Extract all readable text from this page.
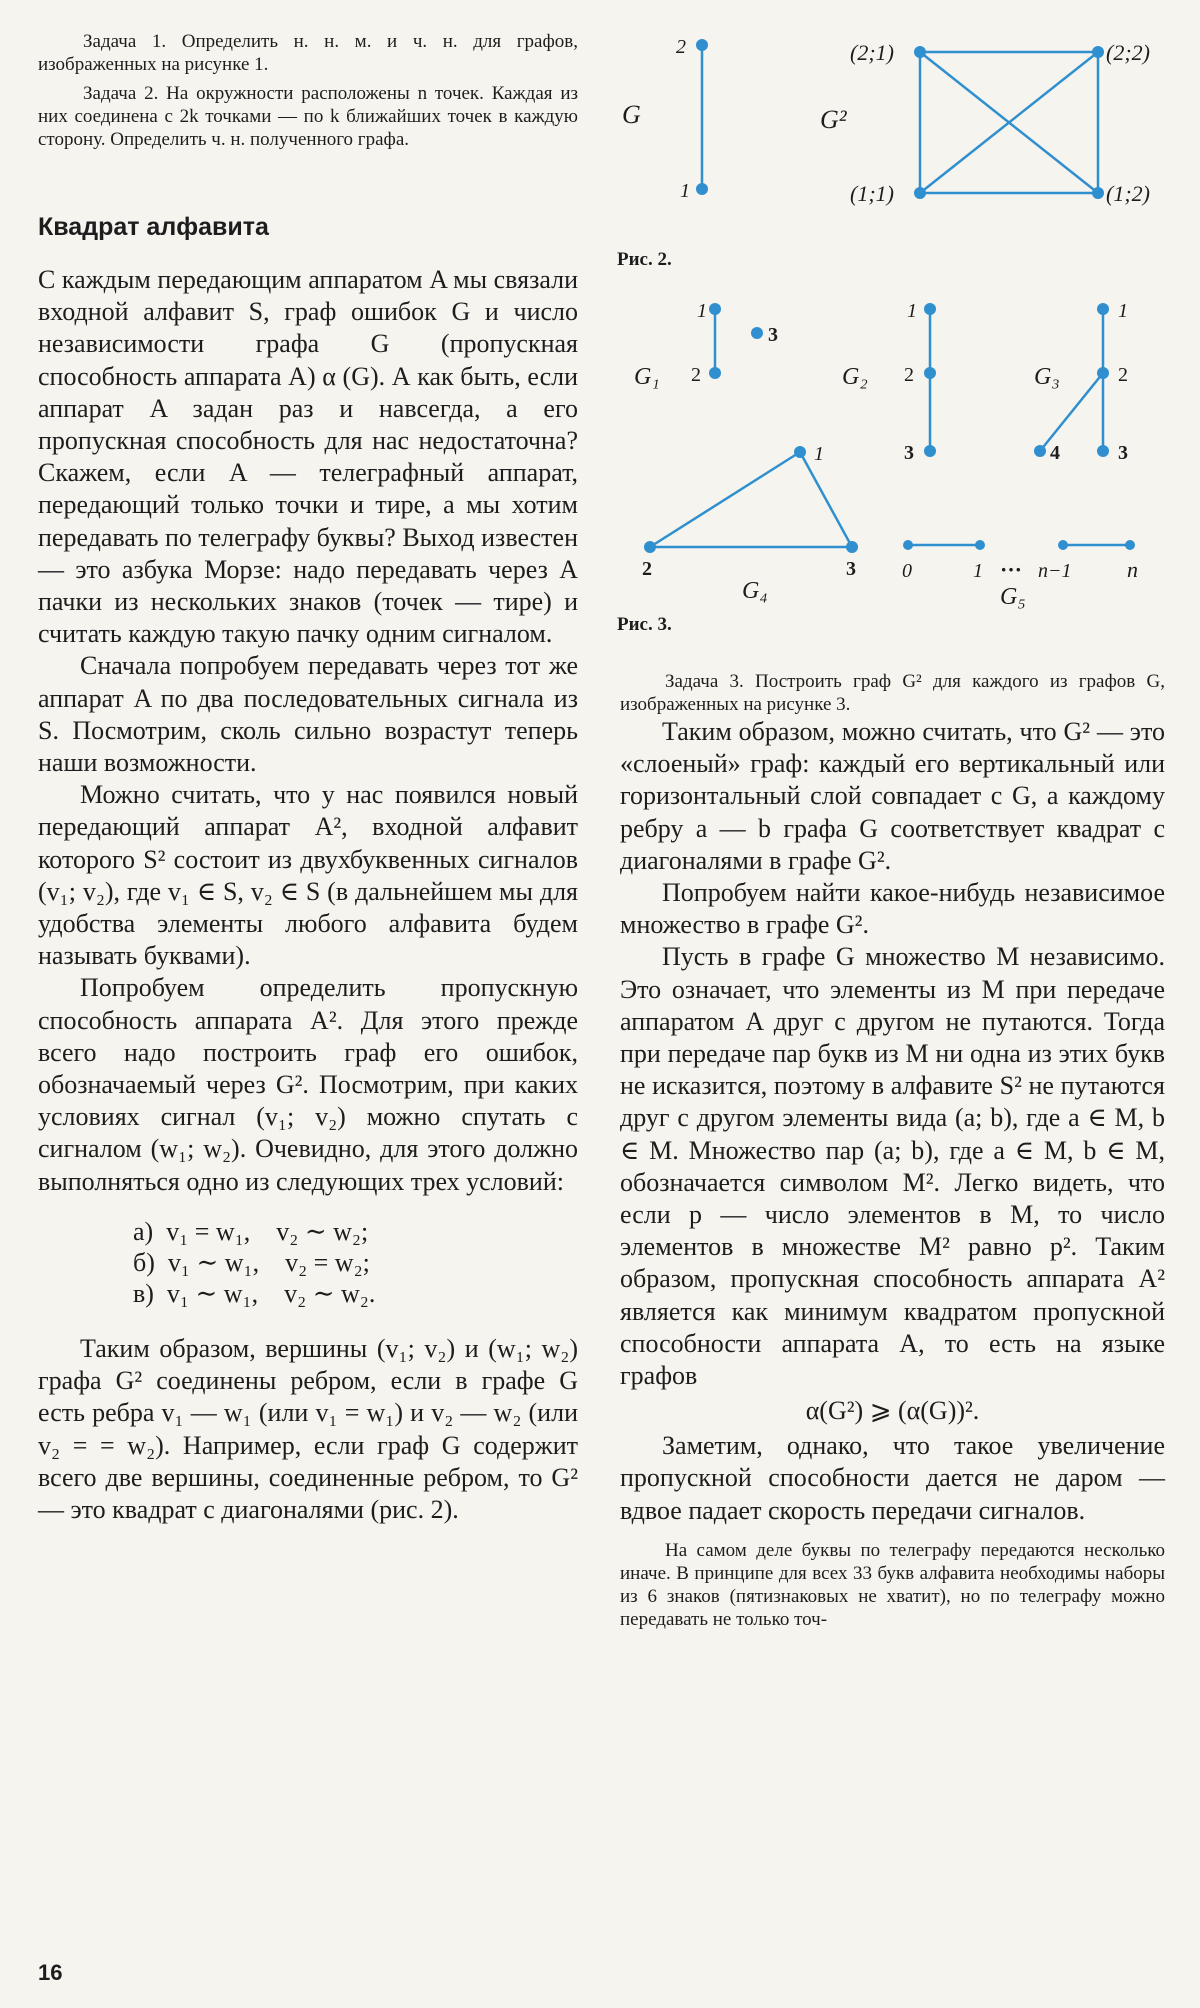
G	G²
2
1
(2;1)	(2;2)
(1;1)	(1;2)
Рис. 2.
G₁
1
2
3
G₂
1
2
3
G₃
1
2
3
4
1
2	3
G₄
0	1 ··· n−1	n
G₅
Рис. 3.

Задача 1. Определить н. н. м. и ч. н. для графов, изображенных на рисунке 1.

Задача 2. На окружности расположены n точек. Каждая из них соединена с 2k точками — по k ближайших точек в каждую сторону. Определить ч. н. полученного графа.

Квадрат алфавита

С каждым передающим аппаратом A мы связали входной алфавит S, граф ошибок G и число независимости графа G (пропускная способность аппарата A) α (G). А как быть, если аппарат A задан раз и навсегда, а его пропускная способность для нас недостаточна? Скажем, если A — телеграфный аппарат, передающий только точки и тире, а мы хотим передавать по телеграфу буквы? Выход известен — это азбука Морзе: надо передавать через A пачки из нескольких знаков (точек — тире) и считать каждую такую пачку одним сигналом.

Сначала попробуем передавать через тот же аппарат A по два последовательных сигнала из S. Посмотрим, сколь сильно возрастут теперь наши возможности.

Можно считать, что у нас появился новый передающий аппарат A², входной алфавит которого S² состоит из двухбуквенных сигналов (v₁; v₂), где v₁ ∈ S, v₂ ∈ S (в дальнейшем мы для удобства элементы любого алфавита будем называть буквами).

Попробуем определить пропускную способность аппарата A². Для этого прежде всего надо построить граф его ошибок, обозначаемый через G². Посмотрим, при каких условиях сигнал (v₁; v₂) можно спутать с сигналом (w₁; w₂). Очевидно, для этого должно выполняться одно из следующих трех условий:

а)  v₁ = w₁,    v₂ ∼ w₂;
б)  v₁ ∼ w₁,    v₂ = w₂;
в)  v₁ ∼ w₁,    v₂ ∼ w₂.

Таким образом, вершины (v₁; v₂) и (w₁; w₂) графа G² соединены ребром, если в графе G есть ребра v₁ — w₁ (или v₁ = w₁) и v₂ — w₂ (или v₂ = = w₂). Например, если граф G содержит всего две вершины, соединенные ребром, то G² — это квадрат с диагоналями (рис. 2).

Задача 3. Построить граф G² для каждого из графов G, изображенных на рисунке 3.

Таким образом, можно считать, что G² — это «слоеный» граф: каждый его вертикальный или горизонтальный слой совпадает с G, а каждому ребру a — b графа G соответствует квадрат с диагоналями в графе G².

Попробуем найти какое-нибудь независимое множество в графе G².

Пусть в графе G множество M независимо. Это означает, что элементы из M при передаче аппаратом A друг с другом не путаются. Тогда при передаче пар букв из M ни одна из этих букв не исказится, поэтому в алфавите S² не путаются друг с другом элементы вида (a; b), где a ∈ M, b ∈ M. Множество пар (a; b), где a ∈ M, b ∈ M, обозначается символом M². Легко видеть, что если p — число элементов в M, то число элементов в множестве M² равно p². Таким образом, пропускная способность аппарата A² является как минимум квадратом пропускной способности аппарата A, то есть на языке графов

α(G²) ⩾ (α(G))².

Заметим, однако, что такое увеличение пропускной способности дается не даром — вдвое падает скорость передачи сигналов.

На самом деле буквы по телеграфу передаются несколько иначе. В принципе для всех 33 букв алфавита необходимы наборы из 6 знаков (пятизнаковых не хватит), но по телеграфу можно передавать не только точ-

16
